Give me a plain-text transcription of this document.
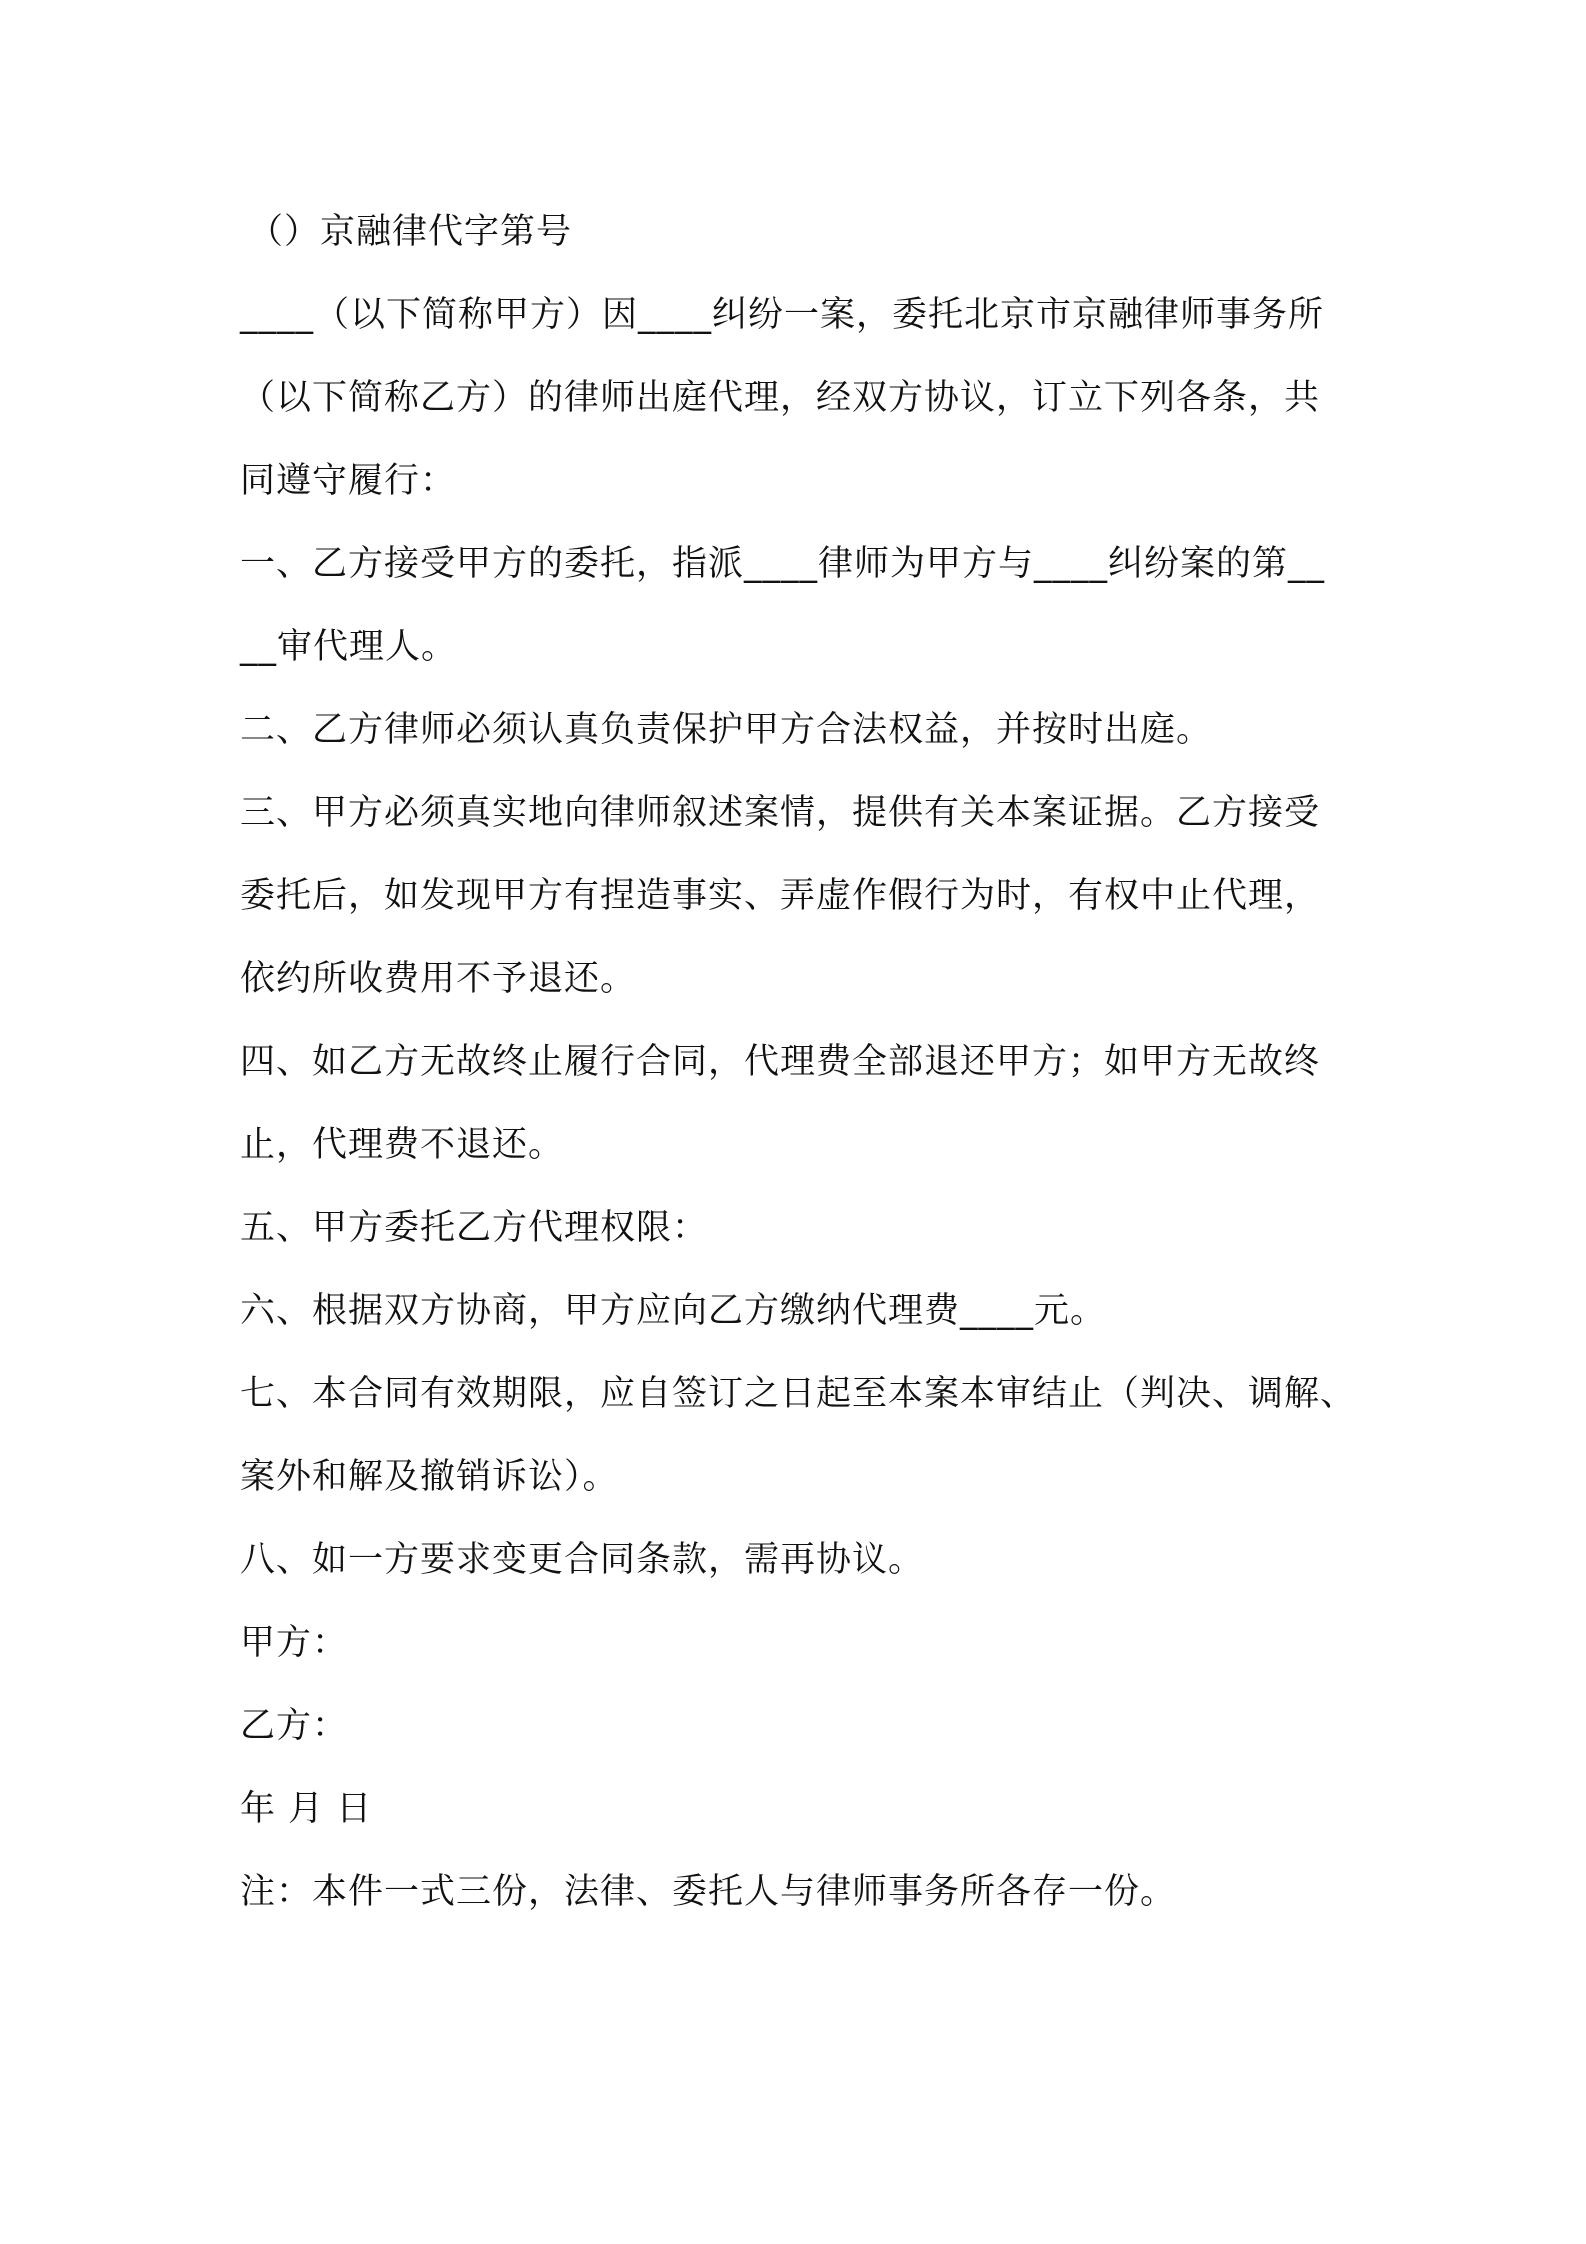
（）京融律代字第号
____（以下简称甲方）因____纠纷一案，委托北京市京融律师事务所
（以下简称乙方）的律师出庭代理，经双方协议，订立下列各条，共
同遵守履行：
一、乙方接受甲方的委托，指派____律师为甲方与____纠纷案的第__
__审代理人。
二、乙方律师必须认真负责保护甲方合法权益，并按时出庭。
三、甲方必须真实地向律师叙述案情，提供有关本案证据。乙方接受
委托后，如发现甲方有捏造事实、弄虚作假行为时，有权中止代理，
依约所收费用不予退还。
四、如乙方无故终止履行合同，代理费全部退还甲方；如甲方无故终
止，代理费不退还。
五、甲方委托乙方代理权限：
六、根据双方协商，甲方应向乙方缴纳代理费____元。
七、本合同有效期限，应自签订之日起至本案本审结止（判决、调解、
案外和解及撤销诉讼）。
八、如一方要求变更合同条款，需再协议。
甲方：
乙方：
年 月 日
注：本件一式三份，法律、委托人与律师事务所各存一份。
